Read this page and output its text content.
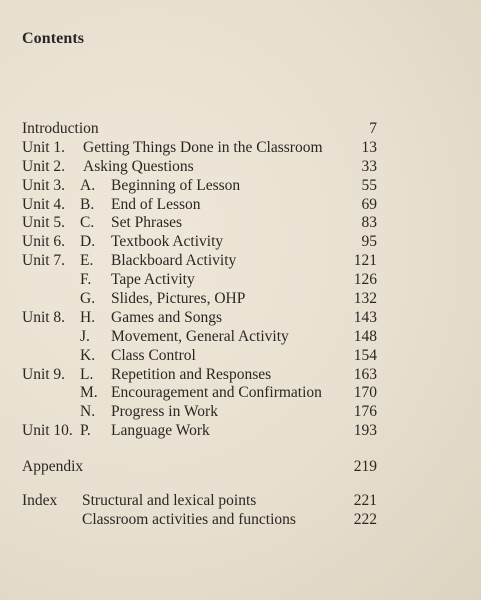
Contents
Introduction	7
Unit 1. Getting Things Done in the Classroom	13
Unit 2. Asking Questions	33
Unit 3. A. Beginning of Lesson	55
Unit 4. B. End of Lesson	69
Unit 5. C. Set Phrases	83
Unit 6. D. Textbook Activity	95
Unit 7. E. Blackboard Activity	121
F. Tape Activity	126
G. Slides, Pictures, OHP	132
Unit 8. H. Games and Songs	143
J. Movement, General Activity	148
K. Class Control	154
Unit 9. L. Repetition and Responses	163
M. Encouragement and Confirmation 170
N. Progress in Work	176
Unit 10. P. Language Work	193
Appendix	219
Index Structural and lexical points	221
Classroom activities and functions	222
